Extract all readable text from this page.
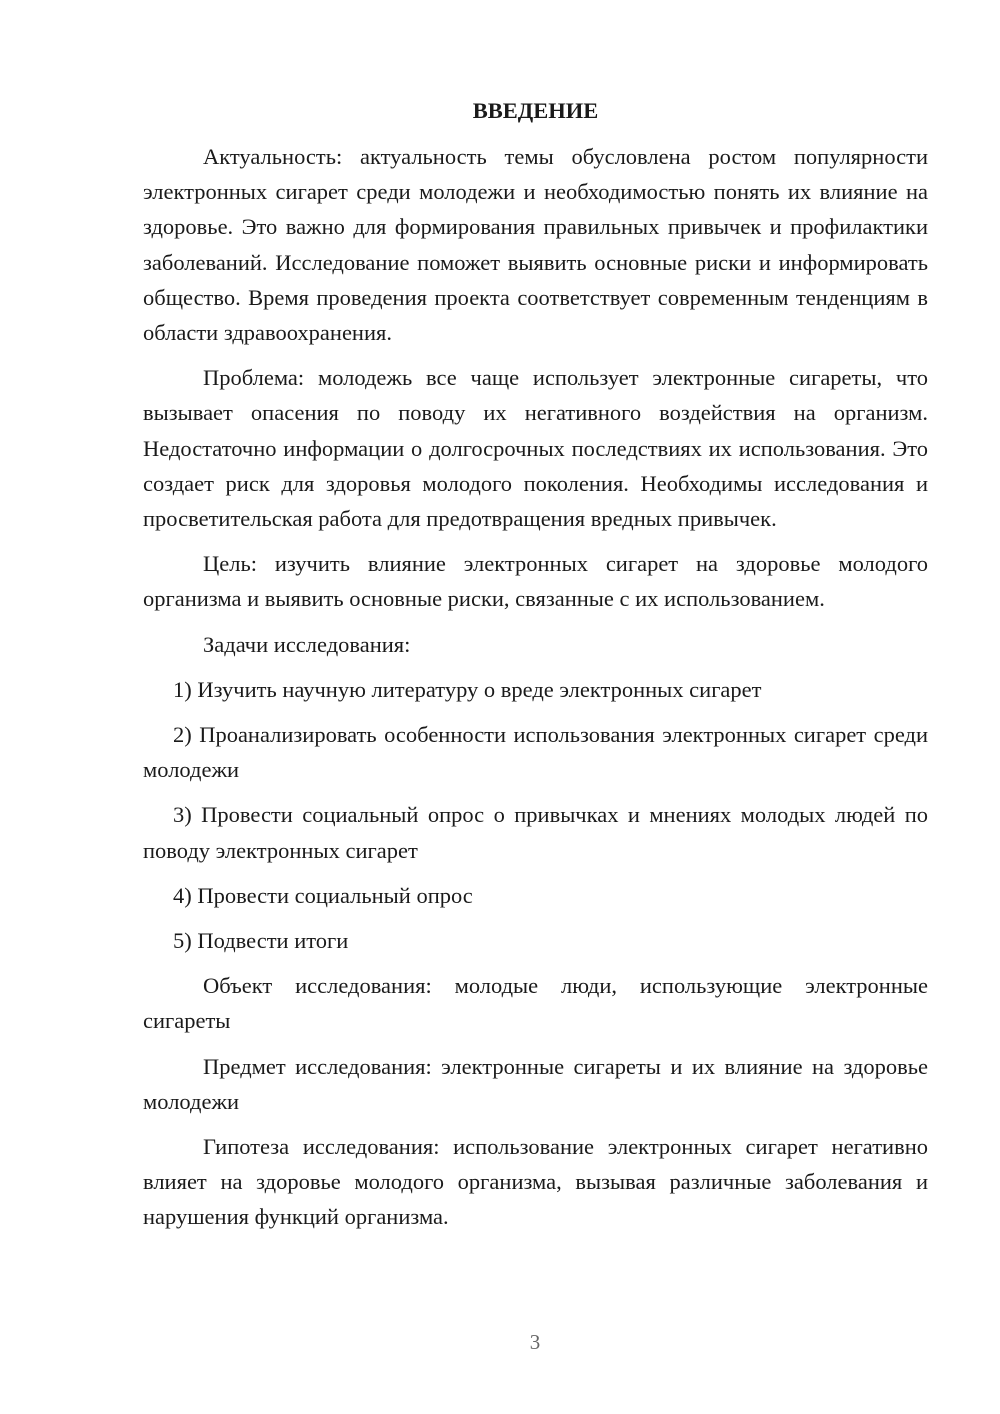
ВВЕДЕНИЕ

Актуальность: актуальность темы обусловлена ростом популярности электронных сигарет среди молодежи и необходимостью понять их влияние на здоровье. Это важно для формирования правильных привычек и профилактики заболеваний. Исследование поможет выявить основные риски и информировать общество. Время проведения проекта соответствует современным тенденциям в области здравоохранения.

Проблема: молодежь все чаще использует электронные сигареты, что вызывает опасения по поводу их негативного воздействия на организм. Недостаточно информации о долгосрочных последствиях их использования. Это создает риск для здоровья молодого поколения. Необходимы исследования и просветительская работа для предотвращения вредных привычек.

Цель: изучить влияние электронных сигарет на здоровье молодого организма и выявить основные риски, связанные с их использованием.

Задачи исследования:

1) Изучить научную литературу о вреде электронных сигарет

2) Проанализировать особенности использования электронных сигарет среди молодежи

3) Провести социальный опрос о привычках и мнениях молодых людей по поводу электронных сигарет

4) Провести социальный опрос

5) Подвести итоги

Объект исследования: молодые люди, использующие электронные сигареты

Предмет исследования: электронные сигареты и их влияние на здоровье молодежи

Гипотеза исследования: использование электронных сигарет негативно влияет на здоровье молодого организма, вызывая различные заболевания и нарушения функций организма.

3
